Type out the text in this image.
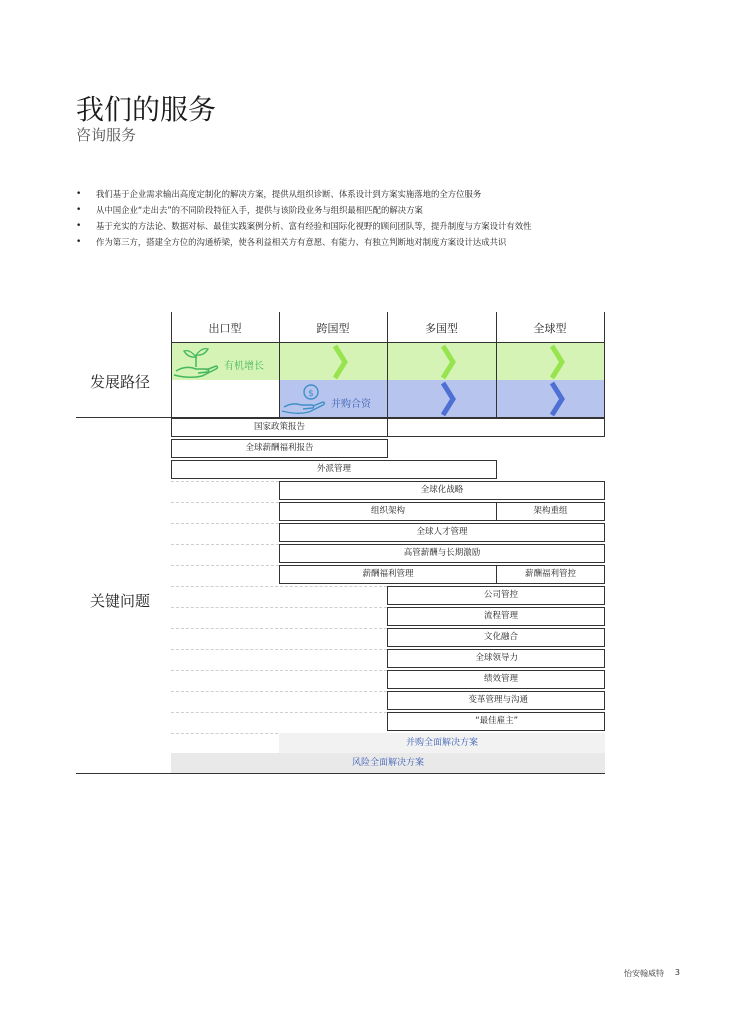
我们的服务
咨询服务
• 我们基于企业需求输出高度定制化的解决方案，提供从组织诊断、体系设计到方案实施落地的全方位服务
• 从中国企业“走出去”的不同阶段特征入手，提供与该阶段业务与组织最相匹配的解决方案
• 基于充实的方法论、数据对标、最佳实践案例分析、富有经验和国际化视野的顾问团队等，提升制度与方案设计有效性
• 作为第三方，搭建全方位的沟通桥梁，使各利益相关方有意愿、有能力、有独立判断地对制度方案设计达成共识
出口型	跨国型	多国型	全球型
有机增长
$
并购合资
发展路径
关键问题
国家政策报告
全球薪酬福利报告
外派管理
全球化战略
组织架构	架构重组
全球人才管理
高管薪酬与长期激励
薪酬福利管理	薪酬福利管控
公司管控
流程管理
文化融合
全球领导力
绩效管理
变革管理与沟通
“最佳雇主”
并购全面解决方案
风险全面解决方案
怡安翰威特 3
